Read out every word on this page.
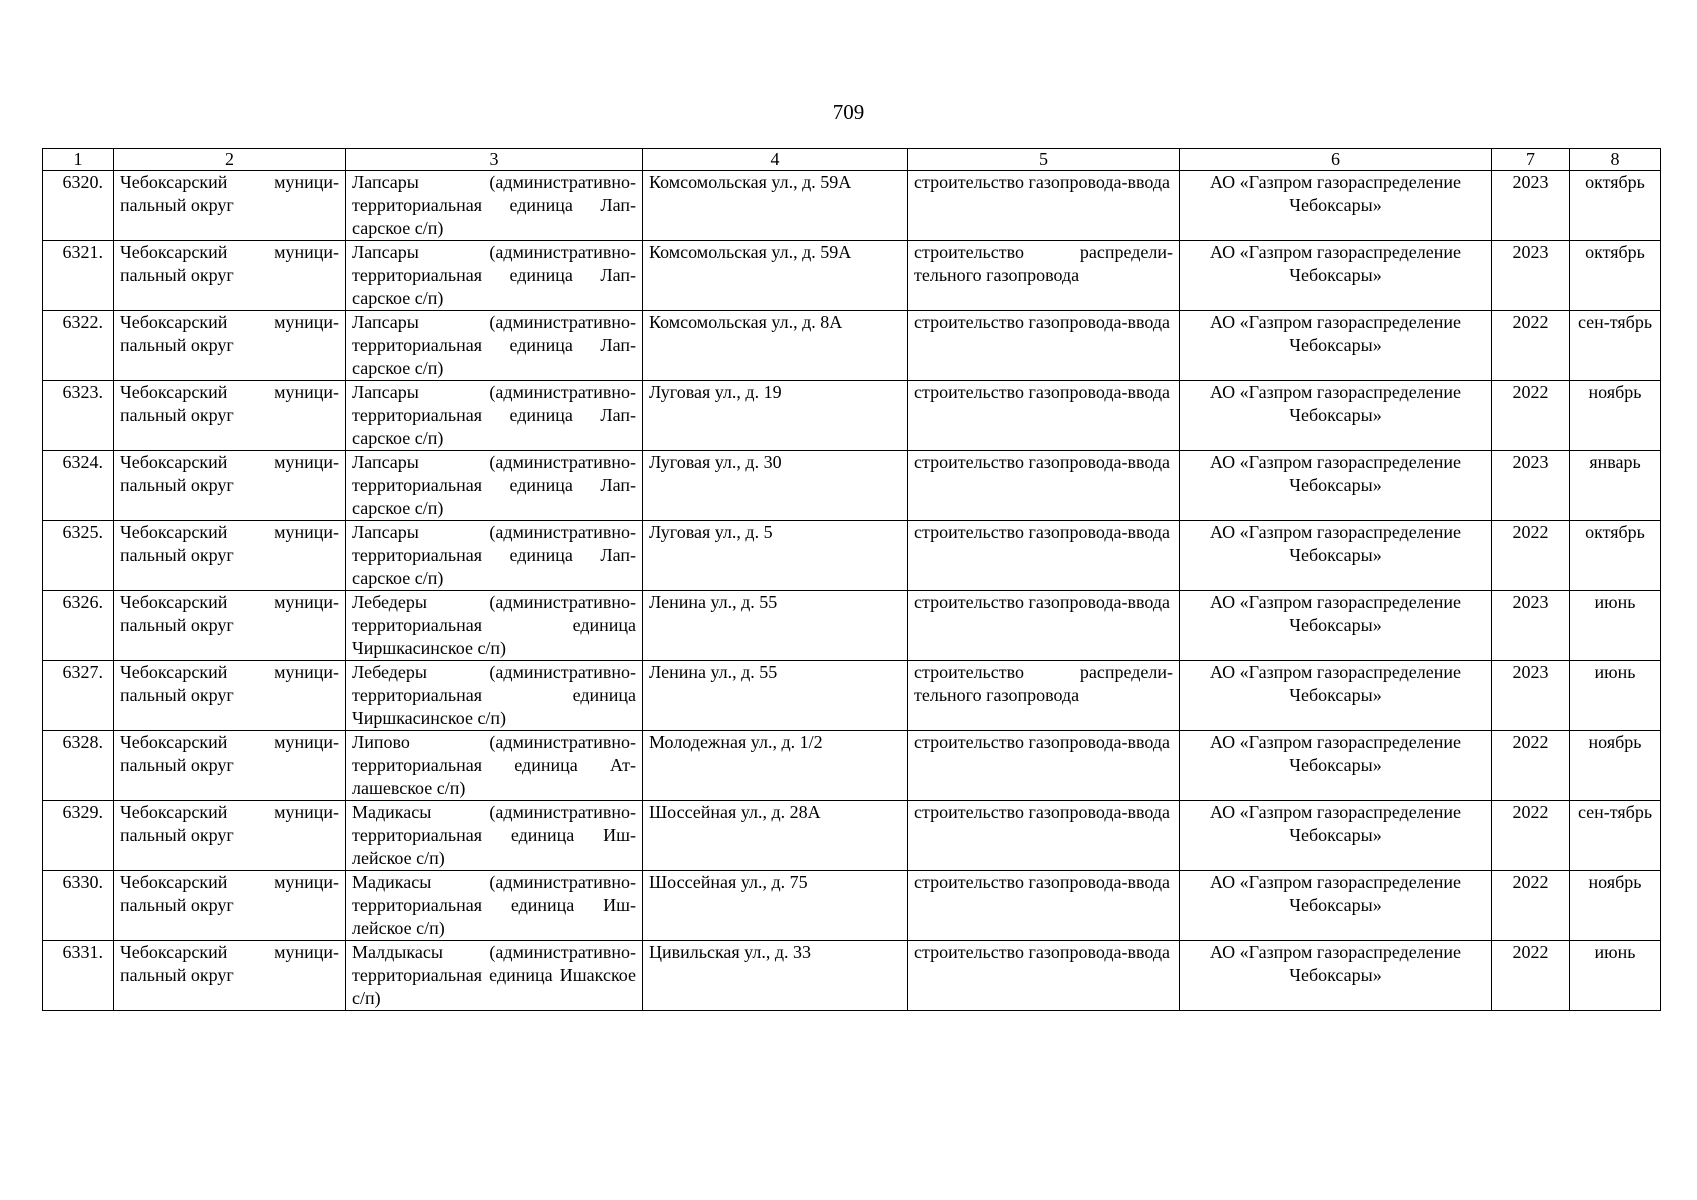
709
1	2	3	4	5	6	7	8
6320.	Чебоксарский муници-пальный округ	Лапсары (административно-территориальная единица Лап-сарское с/п)	Комсомольская ул., д. 59А	строительство газопровода-ввода	АО «Газпром газораспределение Чебоксары»	2023	октябрь
6321.	Чебоксарский муници-пальный округ	Лапсары (административно-территориальная единица Лап-сарское с/п)	Комсомольская ул., д. 59А	строительство распредели-тельного газопровода	АО «Газпром газораспределение Чебоксары»	2023	октябрь
6322.	Чебоксарский муници-пальный округ	Лапсары (административно-территориальная единица Лап-сарское с/п)	Комсомольская ул., д. 8А	строительство газопровода-ввода	АО «Газпром газораспределение Чебоксары»	2022	сен-тябрь
6323.	Чебоксарский муници-пальный округ	Лапсары (административно-территориальная единица Лап-сарское с/п)	Луговая ул., д. 19	строительство газопровода-ввода	АО «Газпром газораспределение Чебоксары»	2022	ноябрь
6324.	Чебоксарский муници-пальный округ	Лапсары (административно-территориальная единица Лап-сарское с/п)	Луговая ул., д. 30	строительство газопровода-ввода	АО «Газпром газораспределение Чебоксары»	2023	январь
6325.	Чебоксарский муници-пальный округ	Лапсары (административно-территориальная единица Лап-сарское с/п)	Луговая ул., д. 5	строительство газопровода-ввода	АО «Газпром газораспределение Чебоксары»	2022	октябрь
6326.	Чебоксарский муници-пальный округ	Лебедеры (административно-территориальная единица Чиршкасинское с/п)	Ленина ул., д. 55	строительство газопровода-ввода	АО «Газпром газораспределение Чебоксары»	2023	июнь
6327.	Чебоксарский муници-пальный округ	Лебедеры (административно-территориальная единица Чиршкасинское с/п)	Ленина ул., д. 55	строительство распредели-тельного газопровода	АО «Газпром газораспределение Чебоксары»	2023	июнь
6328.	Чебоксарский муници-пальный округ	Липово (административно-территориальная единица Ат-лашевское с/п)	Молодежная ул., д. 1/2	строительство газопровода-ввода	АО «Газпром газораспределение Чебоксары»	2022	ноябрь
6329.	Чебоксарский муници-пальный округ	Мадикасы (административно-территориальная единица Иш-лейское с/п)	Шоссейная ул., д. 28А	строительство газопровода-ввода	АО «Газпром газораспределение Чебоксары»	2022	сен-тябрь
6330.	Чебоксарский муници-пальный округ	Мадикасы (административно-территориальная единица Иш-лейское с/п)	Шоссейная ул., д. 75	строительство газопровода-ввода	АО «Газпром газораспределение Чебоксары»	2022	ноябрь
6331.	Чебоксарский муници-пальный округ	Малдыкасы (административно-территориальная единица Ишакское с/п)	Цивильская ул., д. 33	строительство газопровода-ввода	АО «Газпром газораспределение Чебоксары»	2022	июнь
